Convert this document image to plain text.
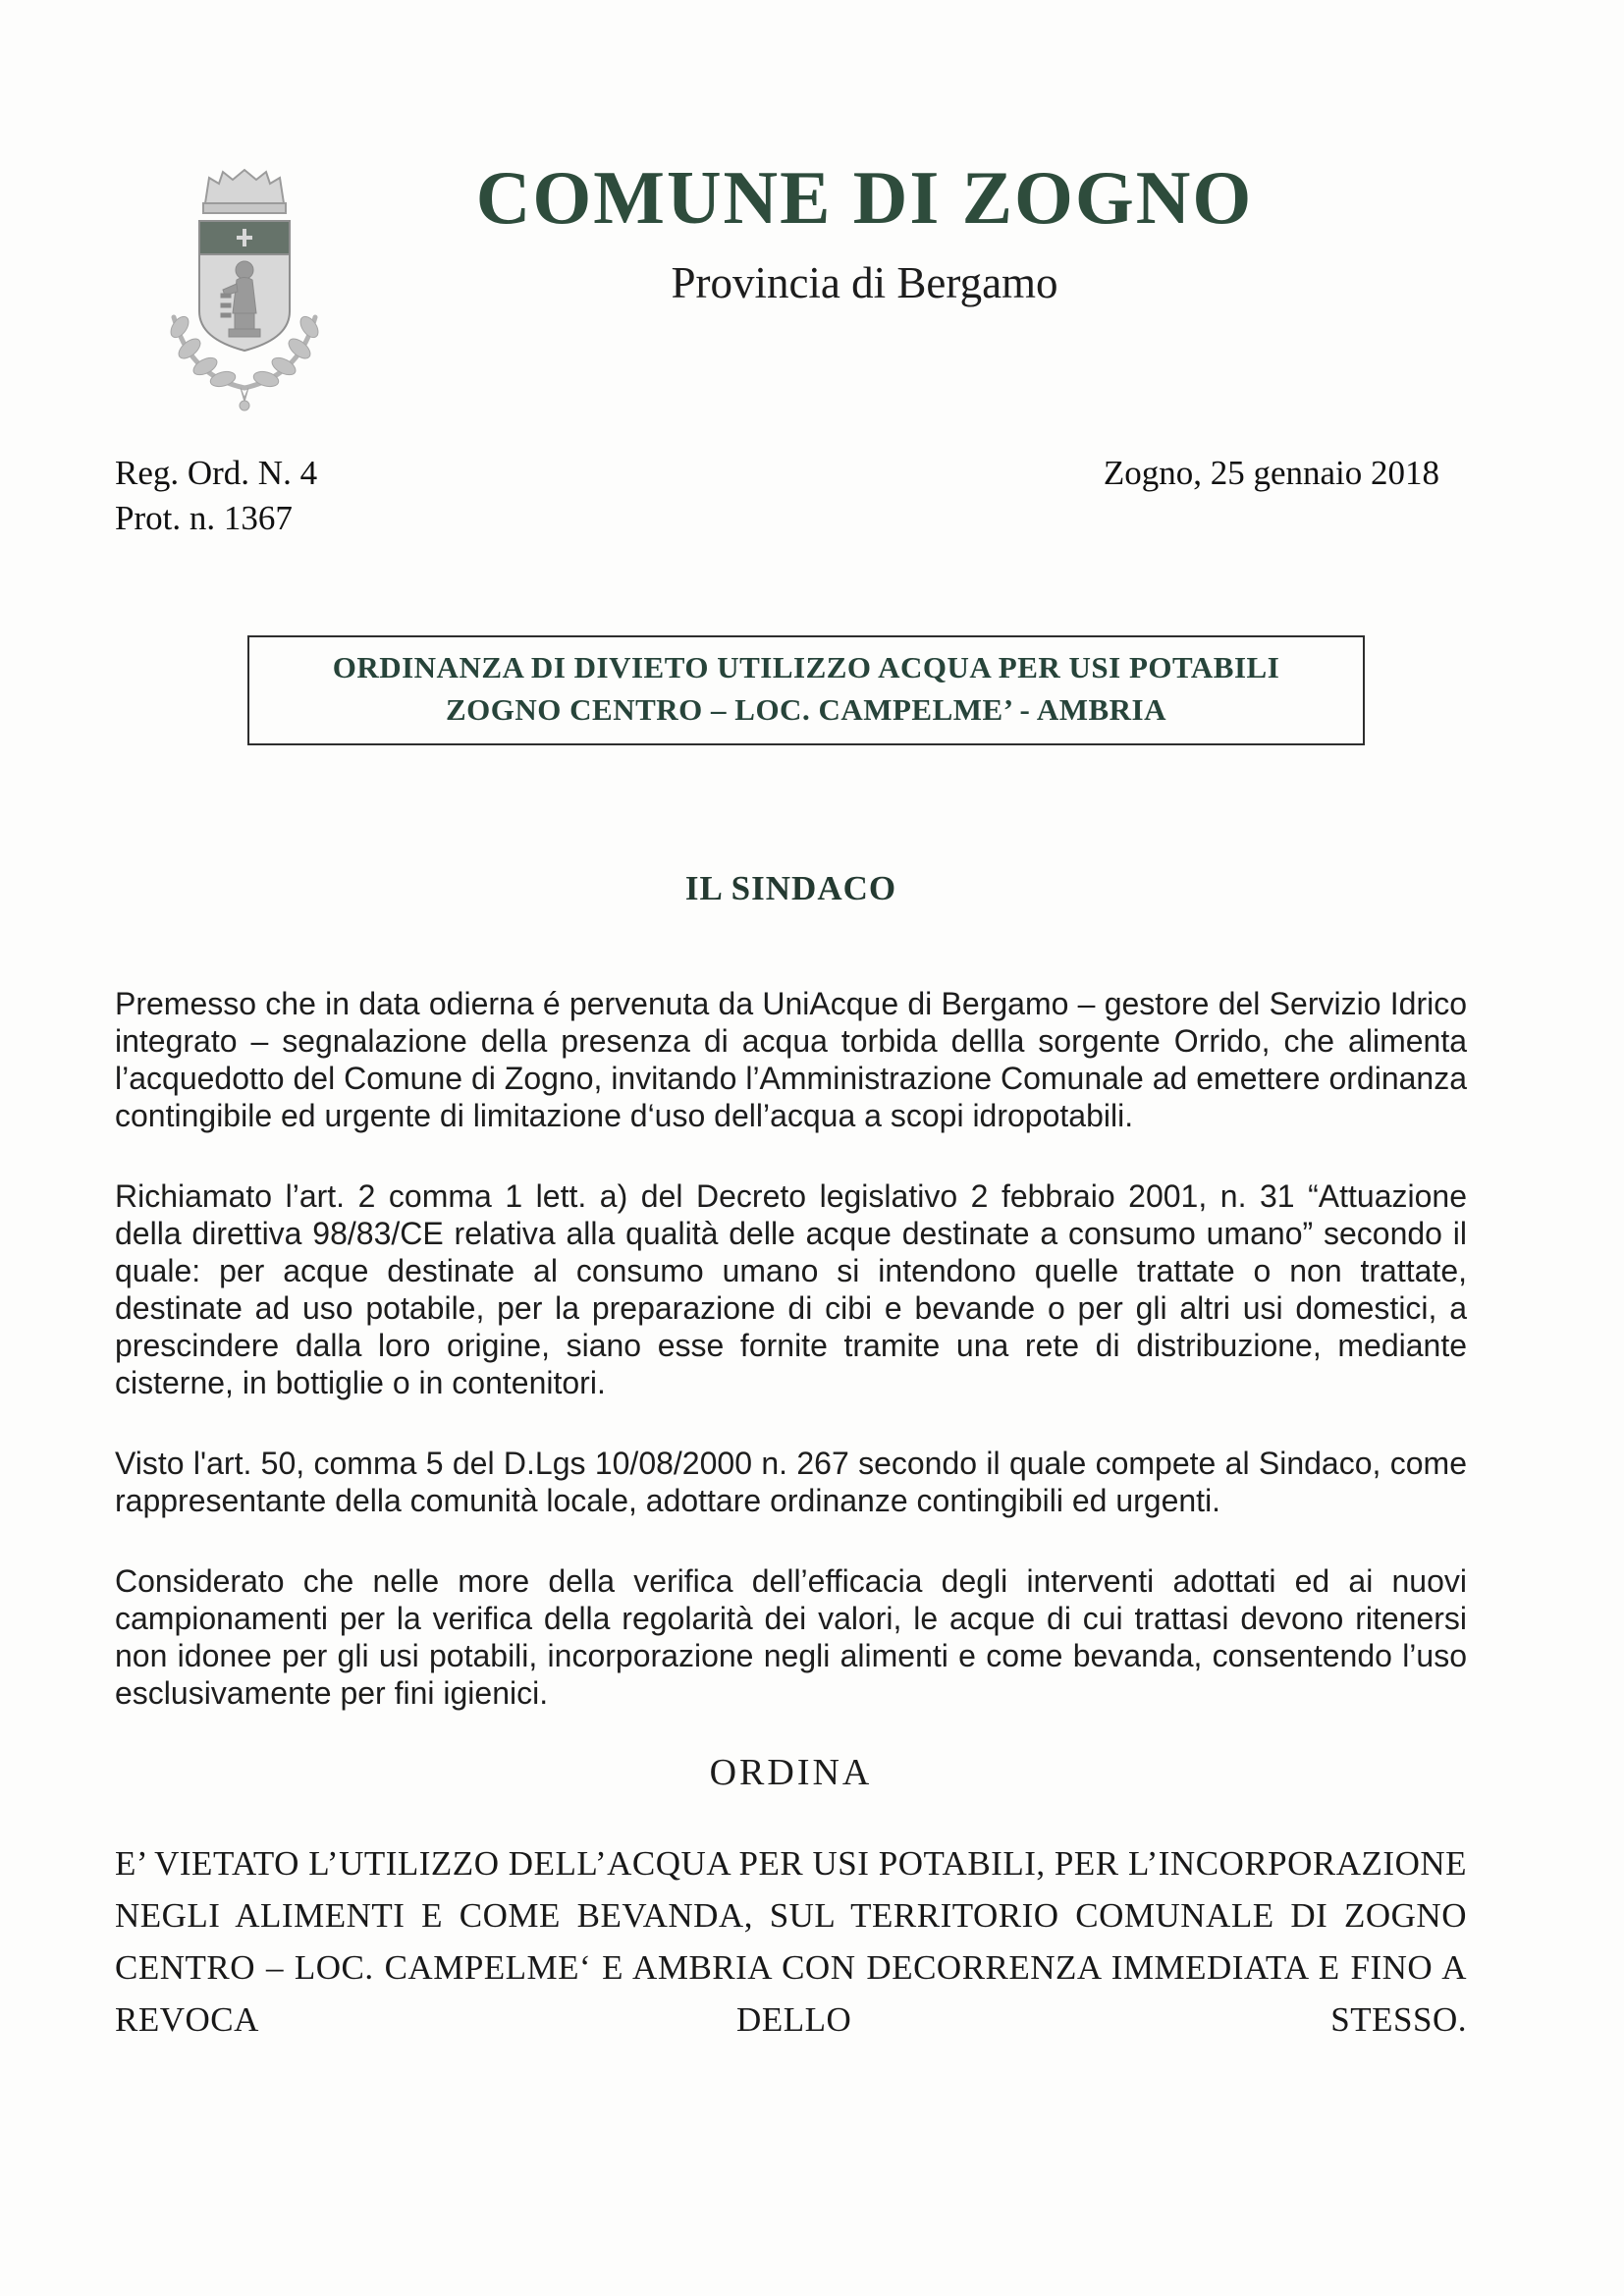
COMUNE DI ZOGNO
Provincia di Bergamo
Reg. Ord. N. 4
Prot. n. 1367
Zogno, 25 gennaio 2018
ORDINANZA DI DIVIETO UTILIZZO ACQUA PER USI POTABILI
ZOGNO CENTRO – LOC. CAMPELME’ - AMBRIA
IL SINDACO

Premesso che in data odierna é pervenuta da UniAcque di Bergamo – gestore del Servizio Idrico integrato – segnalazione della presenza di acqua torbida dellla sorgente Orrido, che alimenta l’acquedotto del Comune di Zogno, invitando l’Amministrazione Comunale ad emettere ordinanza contingibile ed urgente di limitazione d‘uso dell’acqua a scopi idropotabili.

Richiamato l’art. 2 comma 1 lett. a) del Decreto legislativo 2 febbraio 2001, n. 31 “Attuazione della direttiva 98/83/CE relativa alla qualità delle acque destinate a consumo umano” secondo il quale: per acque destinate al consumo umano si intendono quelle trattate o non trattate, destinate ad uso potabile, per la preparazione di cibi e bevande o per gli altri usi domestici, a prescindere dalla loro origine, siano esse fornite tramite una rete di distribuzione, mediante cisterne, in bottiglie o in contenitori.

Visto l'art. 50, comma 5 del D.Lgs 10/08/2000 n. 267 secondo il quale compete al Sindaco, come rappresentante della comunità locale, adottare ordinanze contingibili ed urgenti.

Considerato che nelle more della verifica dell’efficacia degli interventi adottati ed ai nuovi campionamenti per la verifica della regolarità dei valori, le acque di cui trattasi devono ritenersi non idonee per gli usi potabili, incorporazione negli alimenti e come bevanda, consentendo l’uso esclusivamente per fini igienici.

ORDINA

E’ VIETATO L’UTILIZZO DELL’ACQUA PER USI POTABILI, PER L’INCORPORAZIONE NEGLI ALIMENTI E COME BEVANDA, SUL TERRITORIO COMUNALE DI ZOGNO CENTRO – LOC. CAMPELME‘ E AMBRIA CON DECORRENZA IMMEDIATA E FINO A REVOCA DELLO STESSO.
